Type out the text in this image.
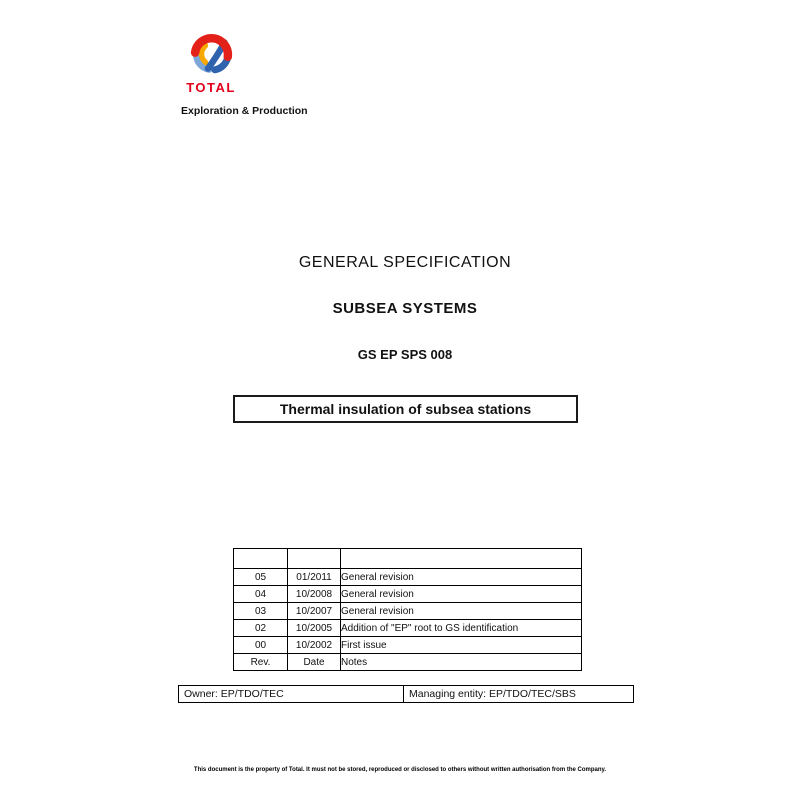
TOTAL
Exploration & Production
GENERAL SPECIFICATION
SUBSEA SYSTEMS
GS EP SPS 008
Thermal insulation of subsea stations

05	01/2011	General revision
04	10/2008	General revision
03	10/2007	General revision
02	10/2005	Addition of "EP" root to GS identification
00	10/2002	First issue
Rev.	Date	Notes
Owner: EP/TDO/TEC	Managing entity: EP/TDO/TEC/SBS
This document is the property of Total. It must not be stored, reproduced or disclosed to others without written authorisation from the Company.
